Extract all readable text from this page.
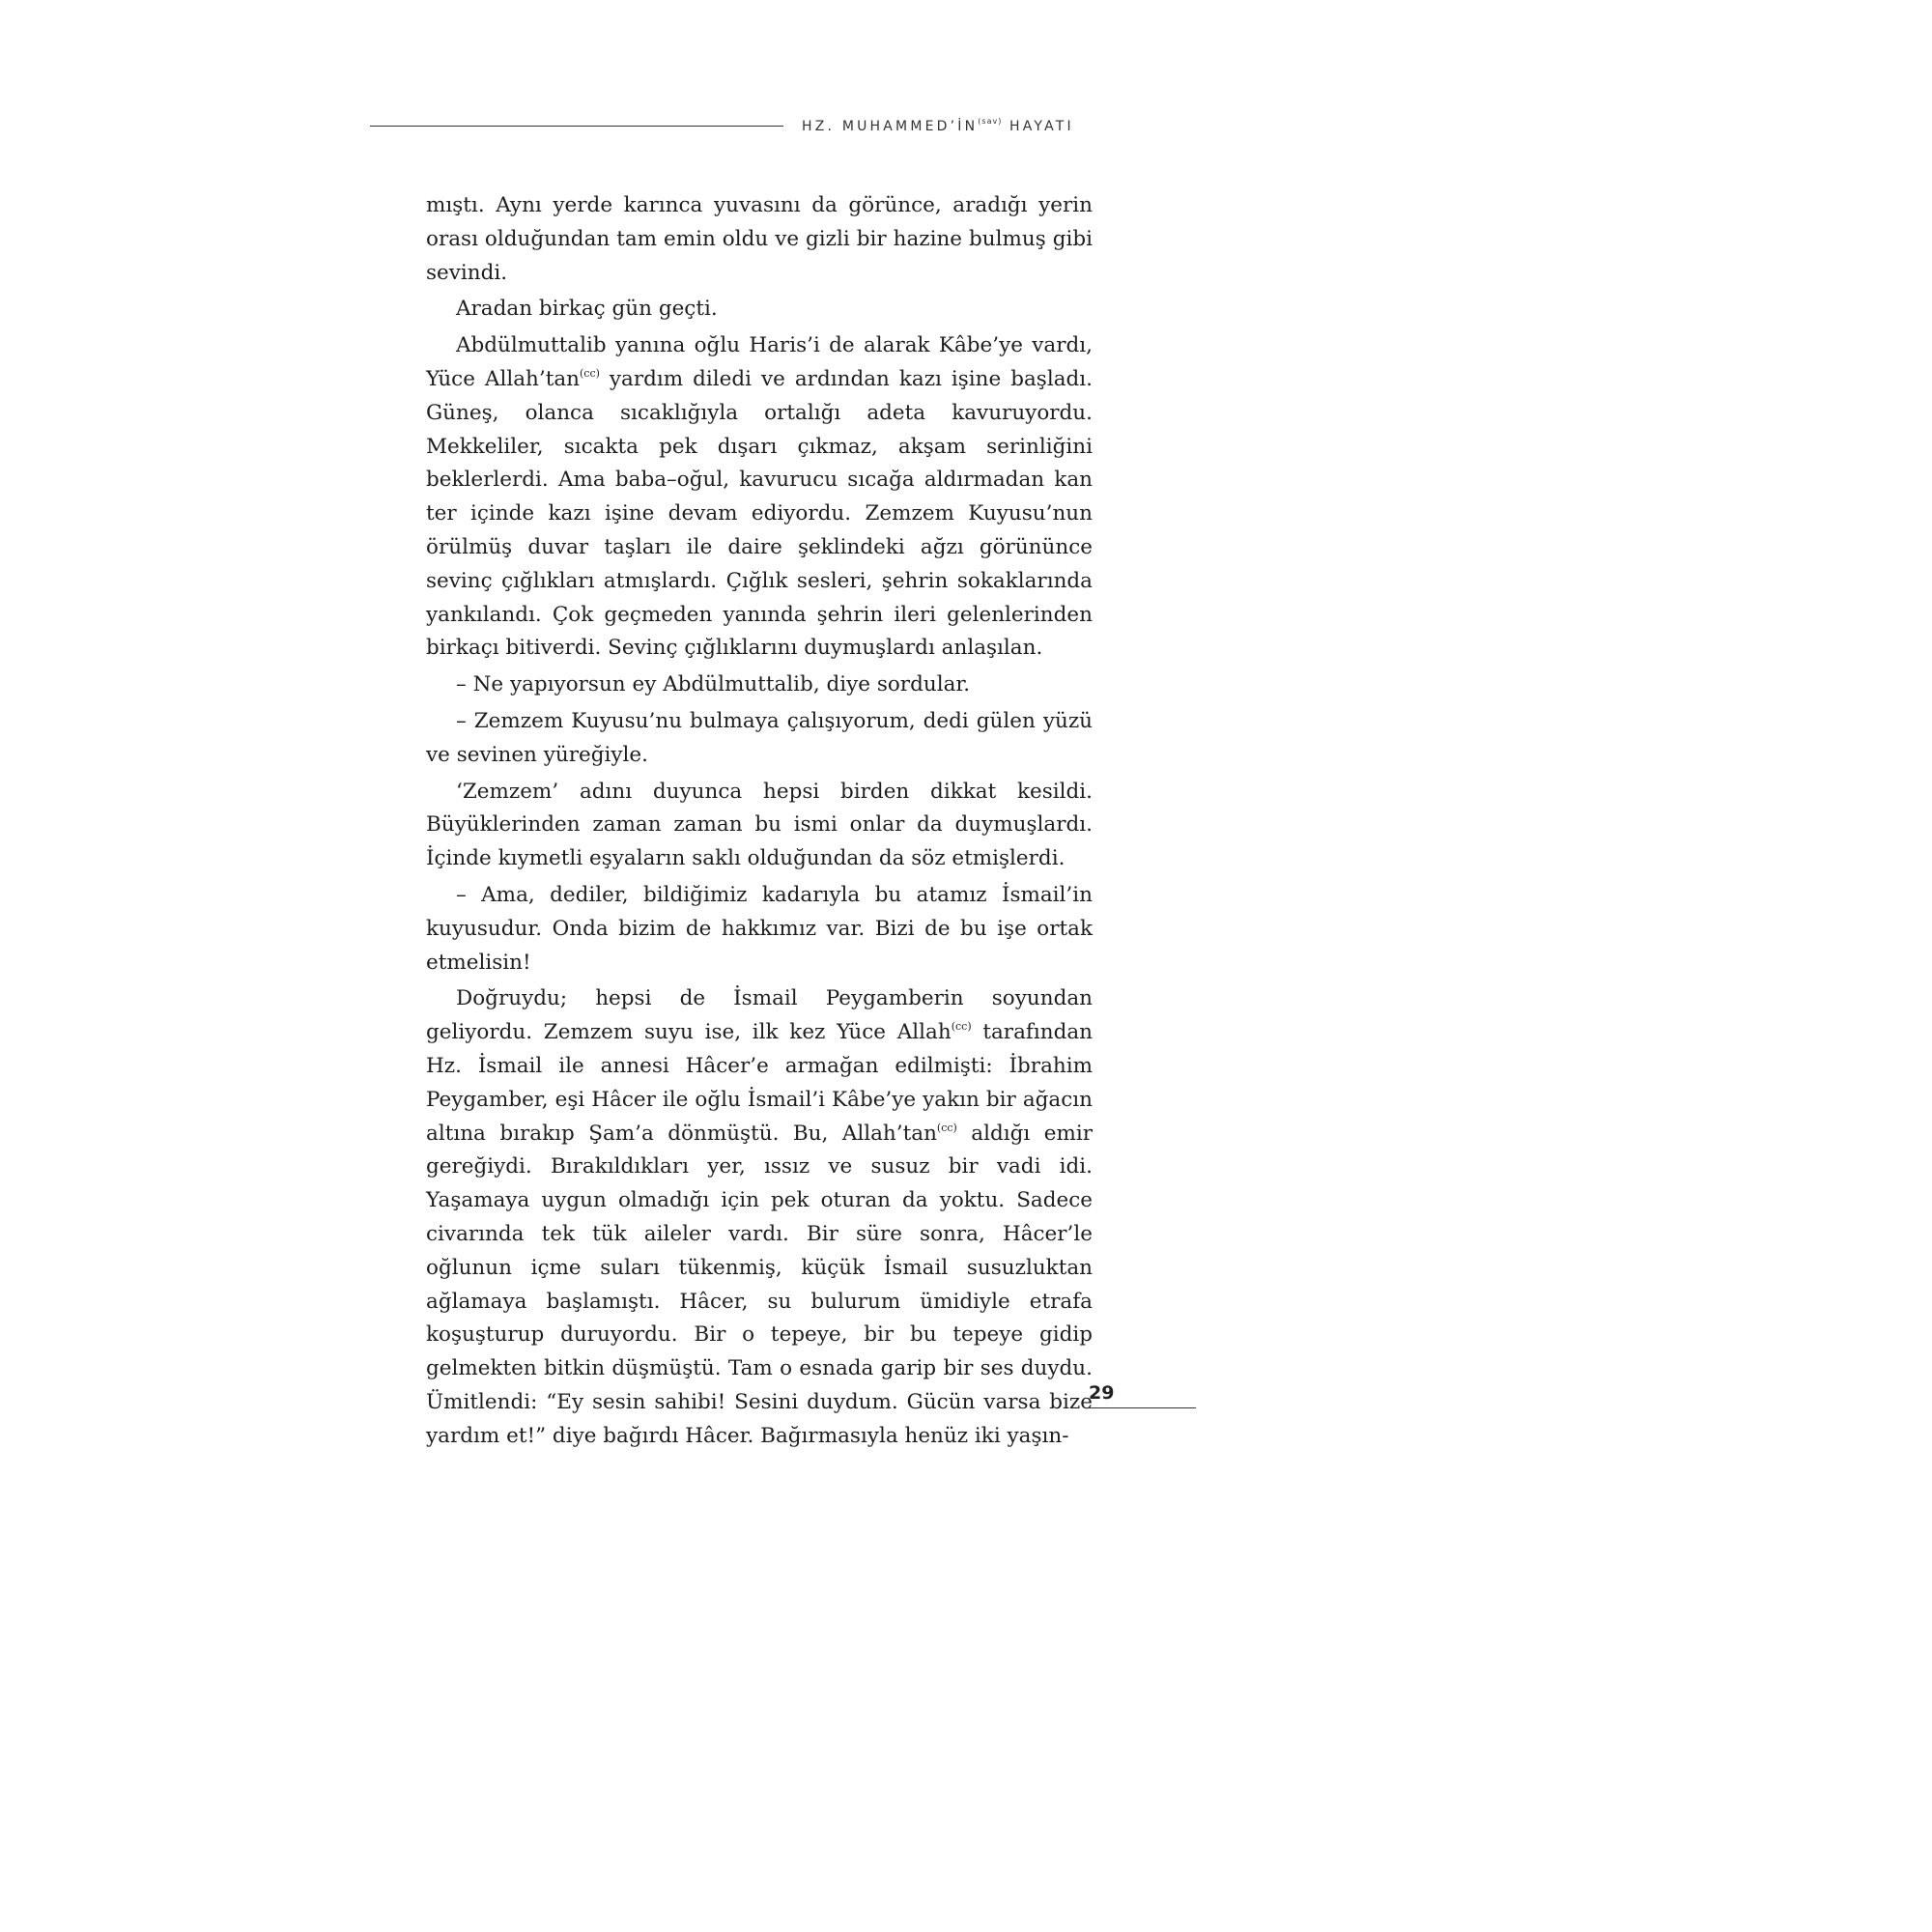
HZ. $MUHAMMED’İN^{(sav)}$ HAYATI

mıştı. Aynı yerde karınca yuvasını da görünce, aradığı yerin orası olduğundan tam emin oldu ve gizli bir hazine bulmuş gibi sevindi.

Aradan birkaç gün geçti.

Abdülmuttalib yanına oğlu Haris’i de alarak Kâbe’ye vardı, Yüce $Allah’\tan^{(cc)}$ yardım diledi ve ardından kazı işine başladı. Güneş, olanca sıcaklığıyla ortalığı adeta kavuruyordu. Mekkeliler, sıcakta pek dışarı çıkmaz, akşam serinliğini beklerlerdi. Ama baba–oğul, kavurucu sıcağa aldırmadan kan ter içinde kazı işine devam ediyordu. Zemzem Kuyusu’nun örülmüş duvar taşları ile daire şeklindeki ağzı görününce sevinç çığlıkları atmışlardı. Çığlık sesleri, şehrin sokaklarında yankılandı. Çok geçmeden yanında şehrin ileri gelenlerinden birkaçı bitiverdi. Sevinç çığlıklarını duymuşlardı anlaşılan.

– Ne yapıyorsun ey Abdülmuttalib, diye sordular.

– Zemzem Kuyusu’nu bulmaya çalışıyorum, dedi gülen yüzü ve sevinen yüreğiyle.

‘Zemzem’ adını duyunca hepsi birden dikkat kesildi. Büyüklerinden zaman zaman bu ismi onlar da duymuşlardı. İçinde kıymetli eşyaların saklı olduğundan da söz etmişlerdi.

– Ama, dediler, bildiğimiz kadarıyla bu atamız İsmail’in kuyusudur. Onda bizim de hakkımız var. Bizi de bu işe ortak etmelisin!

Doğruydu; hepsi de İsmail Peygamberin soyundan geliyordu. Zemzem suyu ise, ilk kez Yüce Allah$^{(cc)}$ tarafından Hz. İsmail ile annesi Hâcer’e armağan edilmişti: İbrahim Peygamber, eşi Hâcer ile oğlu İsmail’i Kâbe’ye yakın bir ağacın altına bırakıp Şam’a dönmüştü. Bu, $Allah’\tan^{(cc)}$ aldığı emir gereğiydi. Bırakıldıkları yer, ıssız ve susuz bir vadi idi. Yaşamaya uygun olmadığı için pek oturan da yoktu. Sadece civarında tek tük aileler vardı. Bir süre sonra, Hâcer’le oğlunun içme suları tükenmiş, küçük İsmail susuzluktan ağlamaya başlamıştı. Hâcer, su bulurum ümidiyle etrafa koşuşturup duruyordu. Bir o tepeye, bir bu tepeye gidip gelmekten bitkin düşmüştü. Tam o esnada garip bir ses duydu. Ümitlendi: “Ey sesin sahibi! Sesini duydum. Gücün varsa bize yardım et!” diye bağırdı Hâcer. Bağırmasıyla henüz iki yaşın-

29
